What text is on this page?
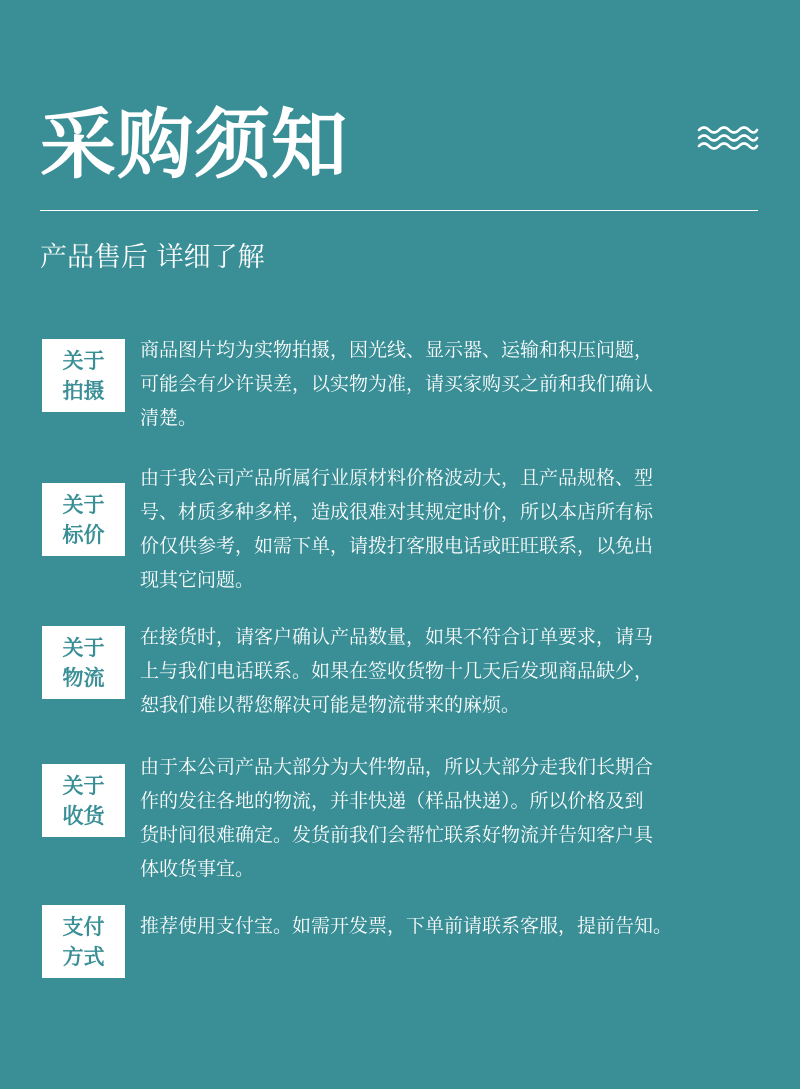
采购须知
产品售后 详细了解
关于
拍摄

商品图片均为实物拍摄，因光线、显示器、运输和积压问题，
可能会有少许误差，以实物为准，请买家购买之前和我们确认
清楚。

关于
标价

由于我公司产品所属行业原材料价格波动大，且产品规格、型
号、材质多种多样，造成很难对其规定时价，所以本店所有标
价仅供参考，如需下单，请拨打客服电话或旺旺联系，以免出
现其它问题。

关于
物流

在接货时，请客户确认产品数量，如果不符合订单要求，请马
上与我们电话联系。如果在签收货物十几天后发现商品缺少，
恕我们难以帮您解决可能是物流带来的麻烦。

关于
收货

由于本公司产品大部分为大件物品，所以大部分走我们长期合
作的发往各地的物流，并非快递（样品快递）。所以价格及到
货时间很难确定。发货前我们会帮忙联系好物流并告知客户具
体收货事宜。

支付
方式

推荐使用支付宝。如需开发票，下单前请联系客服，提前告知。
